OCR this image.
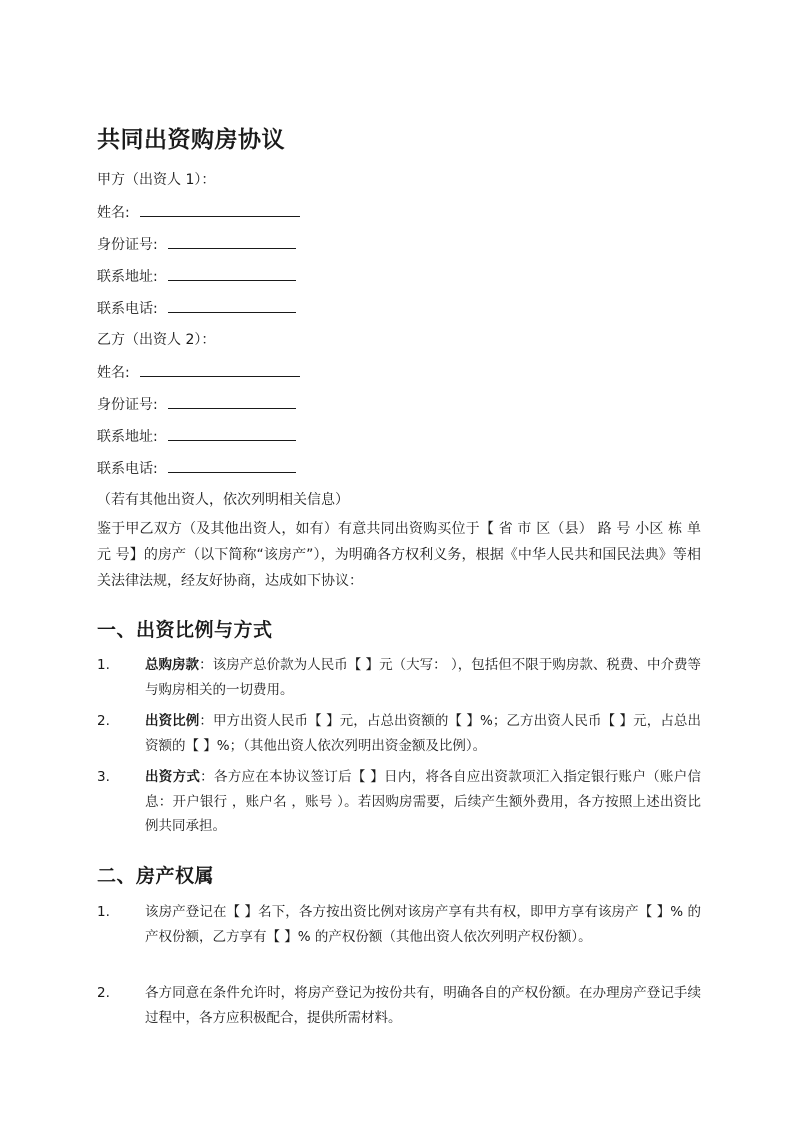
共同出资购房协议
甲方（出资人 1）：
姓名:
身份证号:
联系地址:
联系电话:
乙方（出资人 2）：
姓名:
身份证号:
联系地址:
联系电话:
（若有其他出资人，依次列明相关信息）

鉴于甲乙双方（及其他出资人，如有）有意共同出资购买位于【 省 市 区（县） 路 号 小区 栋 单元 号】的房产（以下简称“该房产”），为明确各方权利义务，根据《中华人民共和国民法典》等相关法律法规，经友好协商，达成如下协议：

一、出资比例与方式
1.	总购房款：该房产总价款为人民币【 】元（大写： ），包括但不限于购房款、税费、中介费等与购房相关的一切费用。
2.	出资比例：甲方出资人民币【 】元，占总出资额的【 】%；乙方出资人民币【 】元，占总出资额的【 】%；（其他出资人依次列明出资金额及比例）。
3.	出资方式：各方应在本协议签订后【 】日内，将各自应出资款项汇入指定银行账户（账户信息：开户银行 ，账户名 ，账号 ）。若因购房需要，后续产生额外费用，各方按照上述出资比例共同承担。
二、房产权属
1.	该房产登记在【 】名下，各方按出资比例对该房产享有共有权，即甲方享有该房产【 】% 的产权份额，乙方享有【 】% 的产权份额（其他出资人依次列明产权份额）。
2.	各方同意在条件允许时，将房产登记为按份共有，明确各自的产权份额。在办理房产登记手续过程中，各方应积极配合，提供所需材料。
